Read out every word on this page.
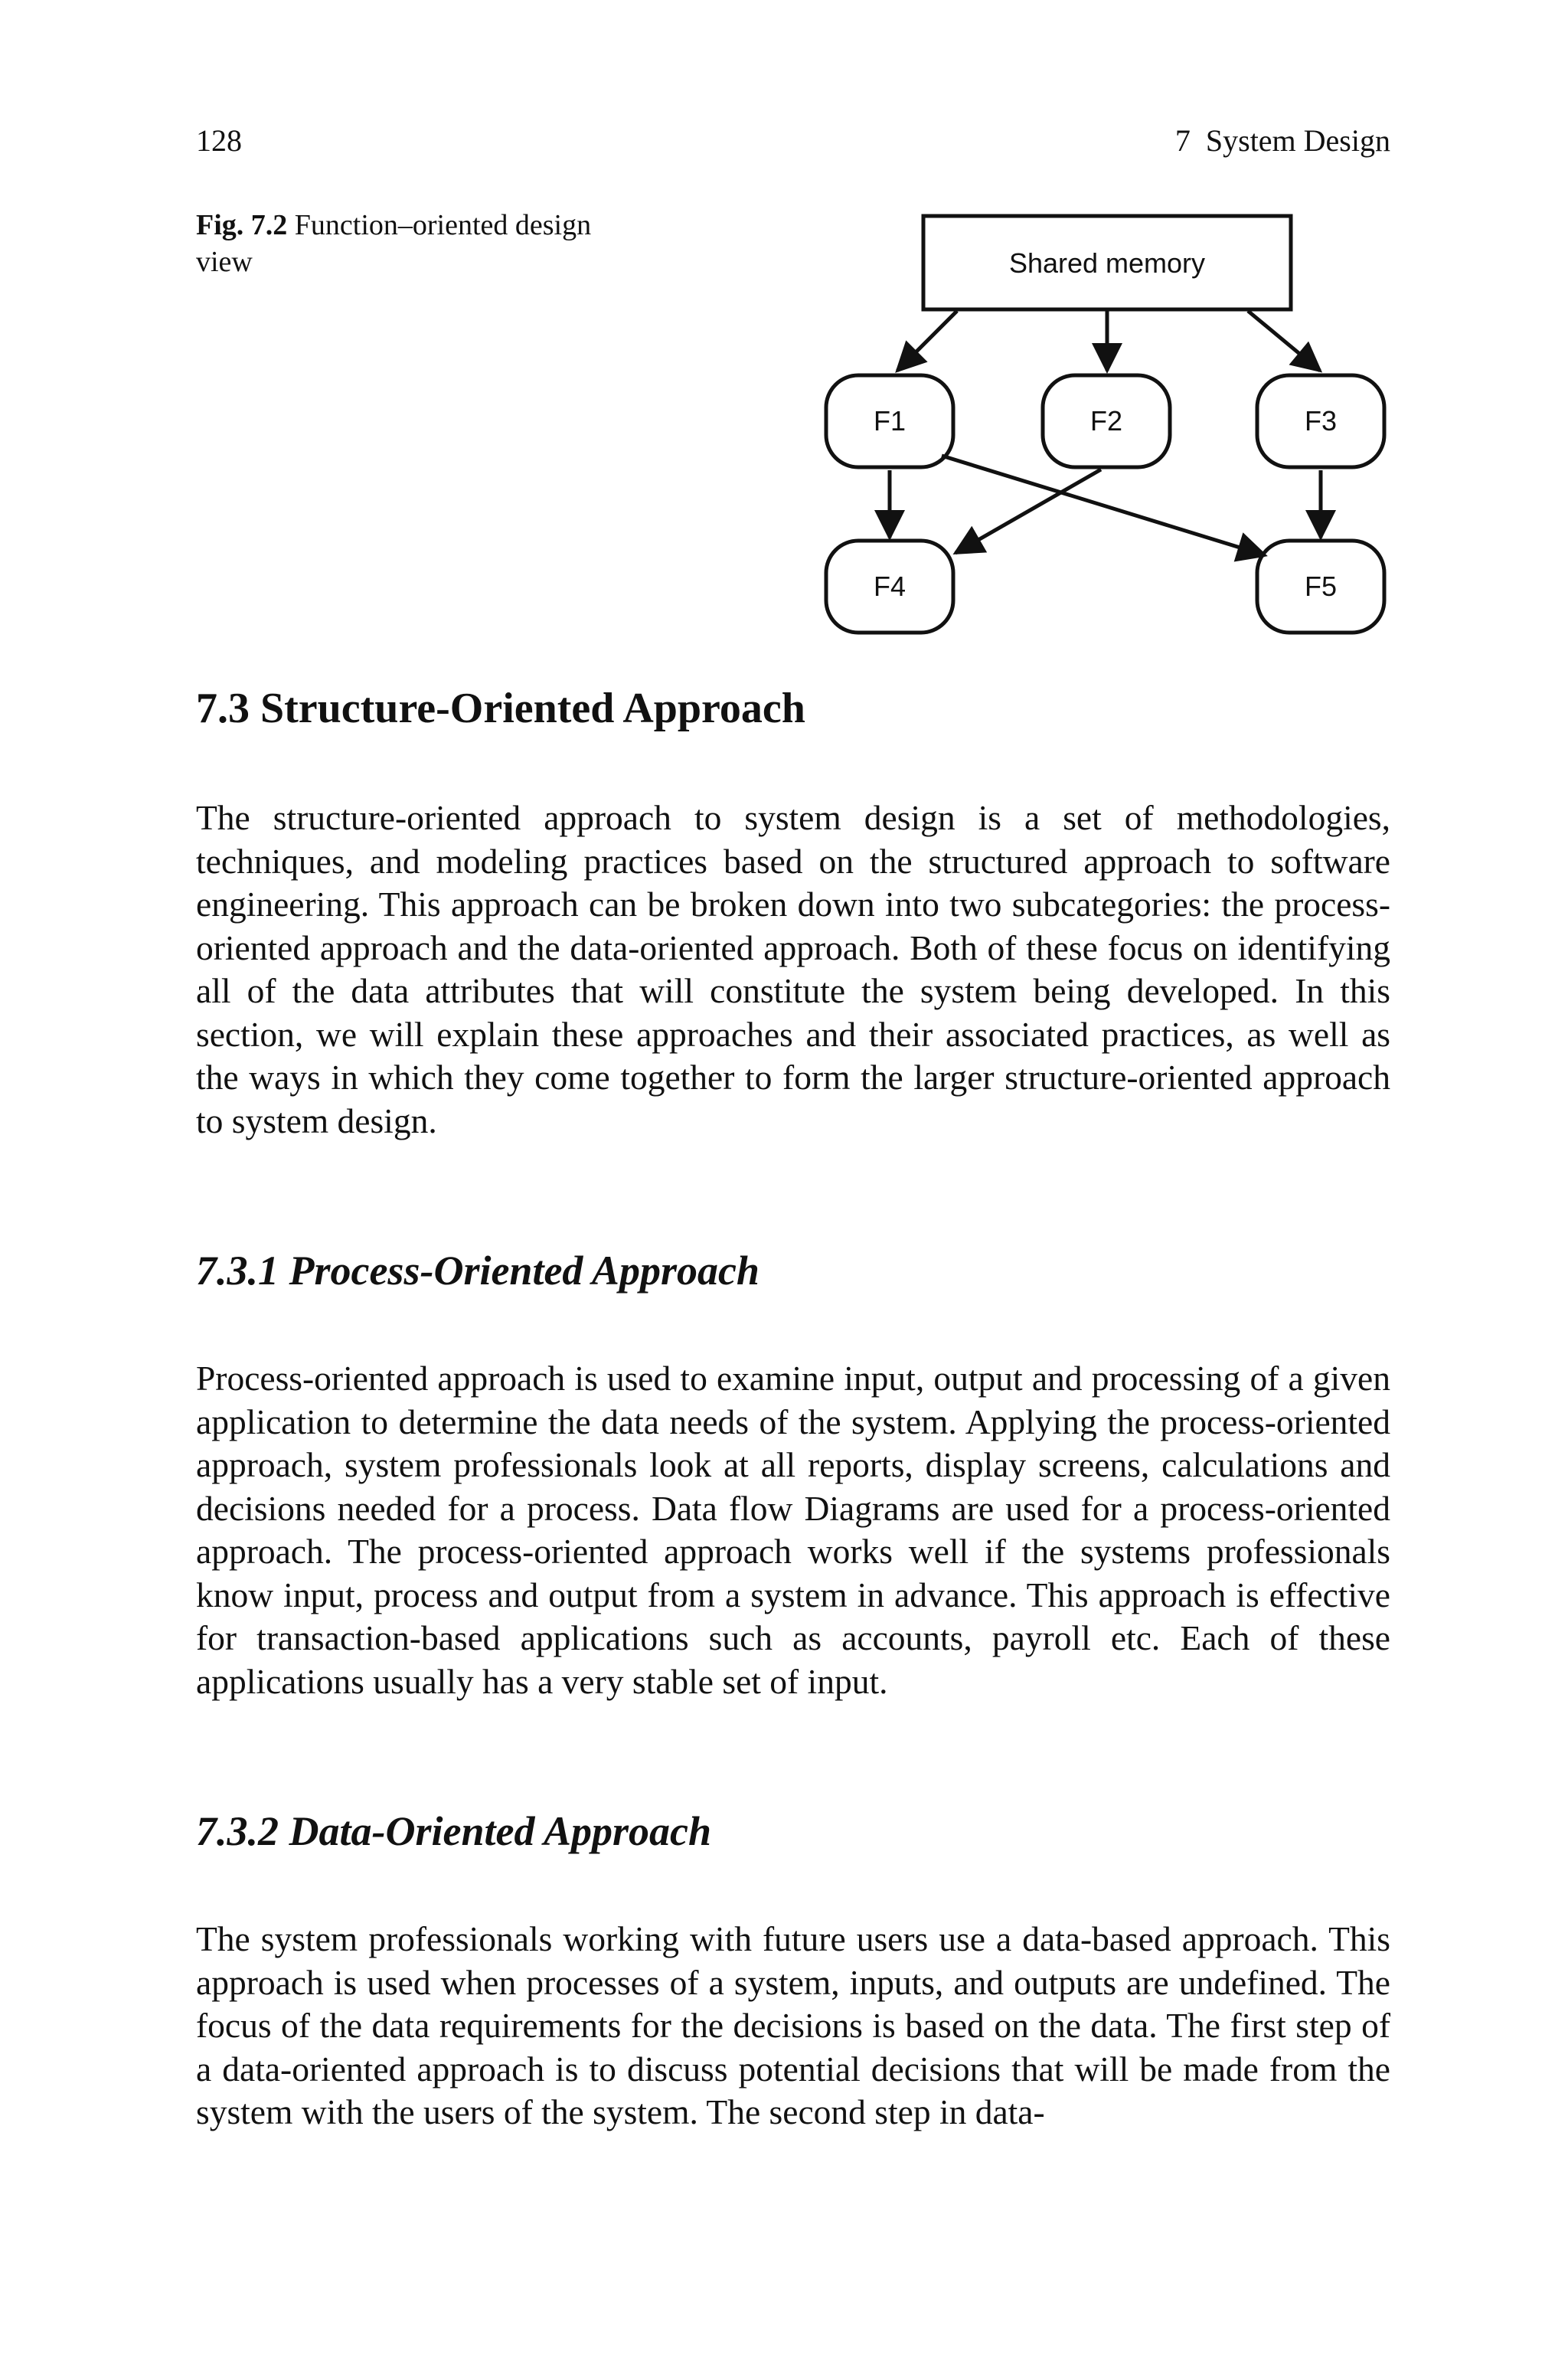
128	7  System Design
Fig. 7.2 Function–oriented design view	Shared memory
F1	F2	F3
F4	F5
7.3 Structure-Oriented Approach

The structure-oriented approach to system design is a set of methodologies, techniques, and modeling practices based on the structured approach to software engineering. This approach can be broken down into two subcategories: the process-oriented approach and the data-oriented approach. Both of these focus on identifying all of the data attributes that will constitute the system being developed. In this section, we will explain these approaches and their associated practices, as well as the ways in which they come together to form the larger structure-oriented approach to system design.

7.3.1 Process-Oriented Approach

Process-oriented approach is used to examine input, output and processing of a given application to determine the data needs of the system. Applying the process-oriented approach, system professionals look at all reports, display screens, calculations and decisions needed for a process. Data flow Diagrams are used for a process-oriented approach. The process-oriented approach works well if the systems professionals know input, process and output from a system in advance. This approach is effective for transaction-based applications such as accounts, payroll etc. Each of these applications usually has a very stable set of input.

7.3.2 Data-Oriented Approach

The system professionals working with future users use a data-based approach. This approach is used when processes of a system, inputs, and outputs are undefined. The focus of the data requirements for the decisions is based on the data. The first step of a data-oriented approach is to discuss potential decisions that will be made from the system with the users of the system. The second step in data-
